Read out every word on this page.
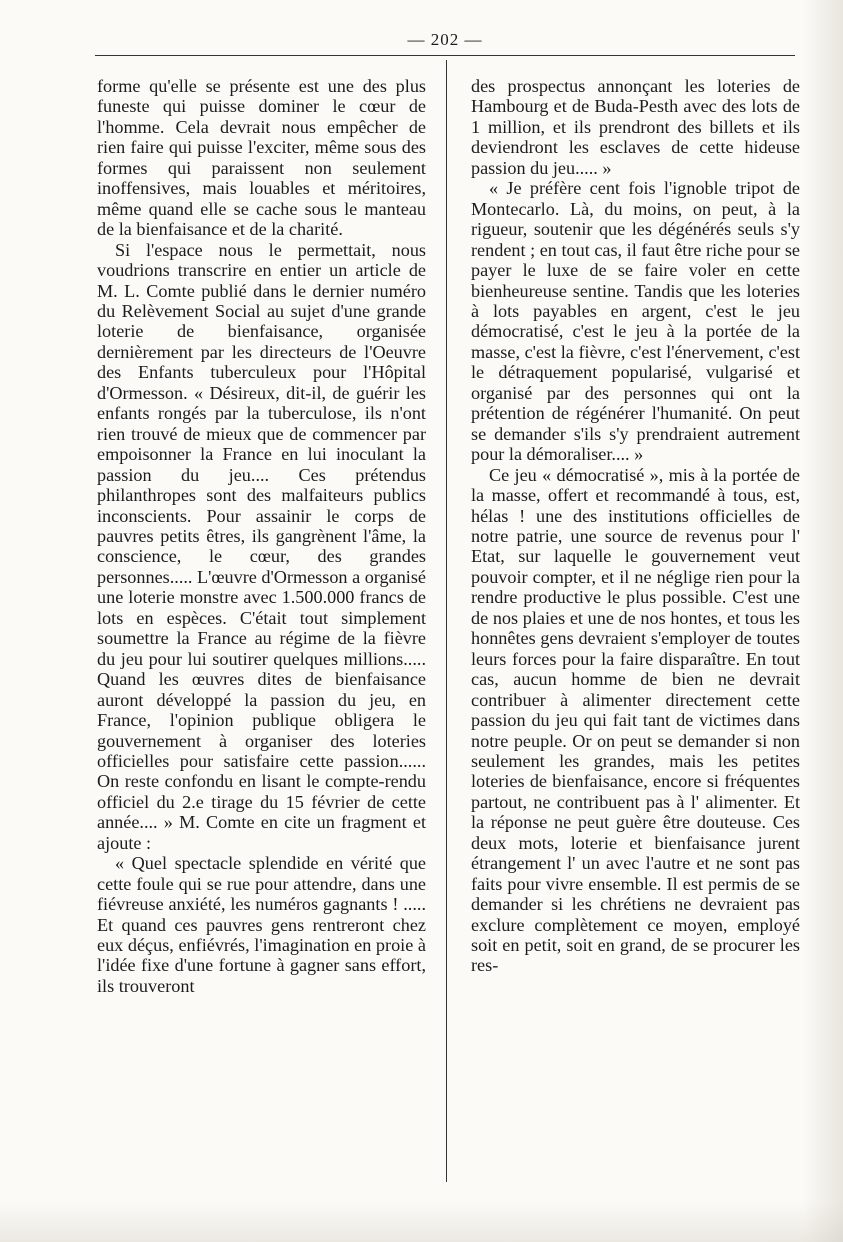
— 202 —

forme qu'elle se présente est une des plus funeste qui puisse dominer le cœur de l'homme. Cela devrait nous empêcher de rien faire qui puisse l'exciter, même sous des formes qui paraissent non seulement inoffensives, mais louables et méritoires, même quand elle se cache sous le manteau de la bienfaisance et de la charité.

Si l'espace nous le permettait, nous voudrions transcrire en entier un article de M. L. Comte publié dans le dernier numéro du Relèvement Social au sujet d'une grande loterie de bienfaisance, organisée dernièrement par les directeurs de l'Oeuvre des Enfants tuberculeux pour l'Hôpital d'Ormesson. « Désireux, dit-il, de guérir les enfants rongés par la tuberculose, ils n'ont rien trouvé de mieux que de commencer par empoisonner la France en lui inoculant la passion du jeu.... Ces prétendus philanthropes sont des malfaiteurs publics inconscients. Pour assainir le corps de pauvres petits êtres, ils gangrènent l'âme, la conscience, le cœur, des grandes personnes..... L'œuvre d'Ormesson a organisé une loterie monstre avec 1.500.000 francs de lots en espèces. C'était tout simplement soumettre la France au régime de la fièvre du jeu pour lui soutirer quelques millions..... Quand les œuvres dites de bienfaisance auront développé la passion du jeu, en France, l'opinion publique obligera le gouvernement à organiser des loteries officielles pour satisfaire cette passion...... On reste confondu en lisant le compte-rendu officiel du 2.e tirage du 15 février de cette année.... » M. Comte en cite un fragment et ajoute :

« Quel spectacle splendide en vérité que cette foule qui se rue pour attendre, dans une fiévreuse anxiété, les numéros gagnants ! ..... Et quand ces pauvres gens rentreront chez eux déçus, enfiévrés, l'imagination en proie à l'idée fixe d'une fortune à gagner sans effort, ils trouveront

des prospectus annonçant les loteries de Hambourg et de Buda-Pesth avec des lots de 1 million, et ils prendront des billets et ils deviendront les esclaves de cette hideuse passion du jeu..... »

« Je préfère cent fois l'ignoble tripot de Montecarlo. Là, du moins, on peut, à la rigueur, soutenir que les dégénérés seuls s'y rendent ; en tout cas, il faut être riche pour se payer le luxe de se faire voler en cette bienheureuse sentine. Tandis que les loteries à lots payables en argent, c'est le jeu démocratisé, c'est le jeu à la portée de la masse, c'est la fièvre, c'est l'énervement, c'est le détraquement popularisé, vulgarisé et organisé par des personnes qui ont la prétention de régénérer l'humanité. On peut se demander s'ils s'y prendraient autrement pour la démoraliser.... »

Ce jeu « démocratisé », mis à la portée de la masse, offert et recommandé à tous, est, hélas ! une des institutions officielles de notre patrie, une source de revenus pour l' Etat, sur laquelle le gouvernement veut pouvoir compter, et il ne néglige rien pour la rendre productive le plus possible. C'est une de nos plaies et une de nos hontes, et tous les honnêtes gens devraient s'employer de toutes leurs forces pour la faire disparaître. En tout cas, aucun homme de bien ne devrait contribuer à alimenter directement cette passion du jeu qui fait tant de victimes dans notre peuple. Or on peut se demander si non seulement les grandes, mais les petites loteries de bienfaisance, encore si fréquentes partout, ne contribuent pas à l' alimenter. Et la réponse ne peut guère être douteuse. Ces deux mots, loterie et bienfaisance jurent étrangement l' un avec l'autre et ne sont pas faits pour vivre ensemble. Il est permis de se demander si les chrétiens ne devraient pas exclure complètement ce moyen, employé soit en petit, soit en grand, de se procurer les res-
